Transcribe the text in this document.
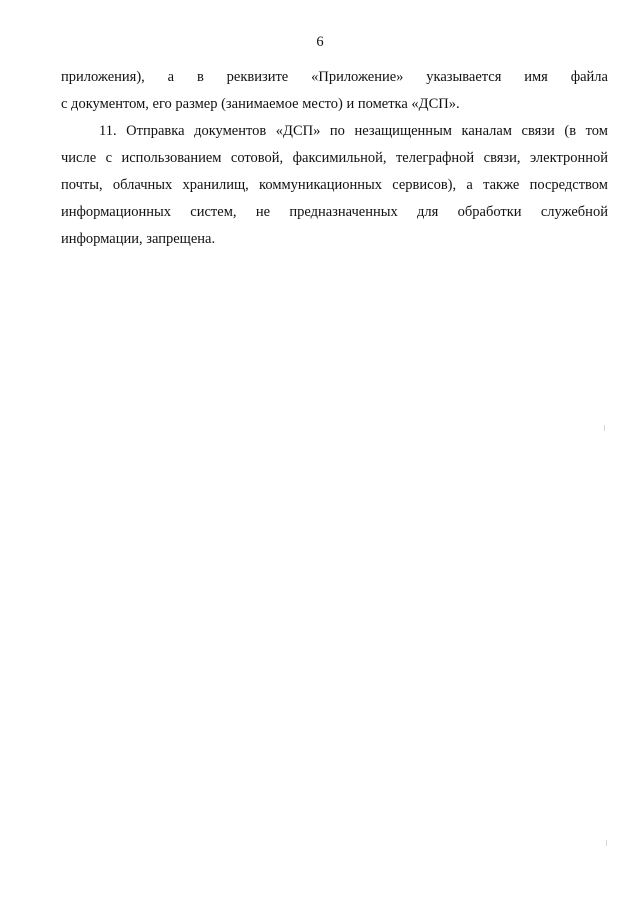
6
приложения), а в реквизите «Приложение» указывается имя файла
с документом, его размер (занимаемое место) и пометка «ДСП».
11. Отправка документов «ДСП» по незащищенным каналам связи (в том
числе с использованием сотовой, факсимильной, телеграфной связи, электронной
почты, облачных хранилищ, коммуникационных сервисов), а также посредством
информационных систем, не предназначенных для обработки служебной
информации, запрещена.
